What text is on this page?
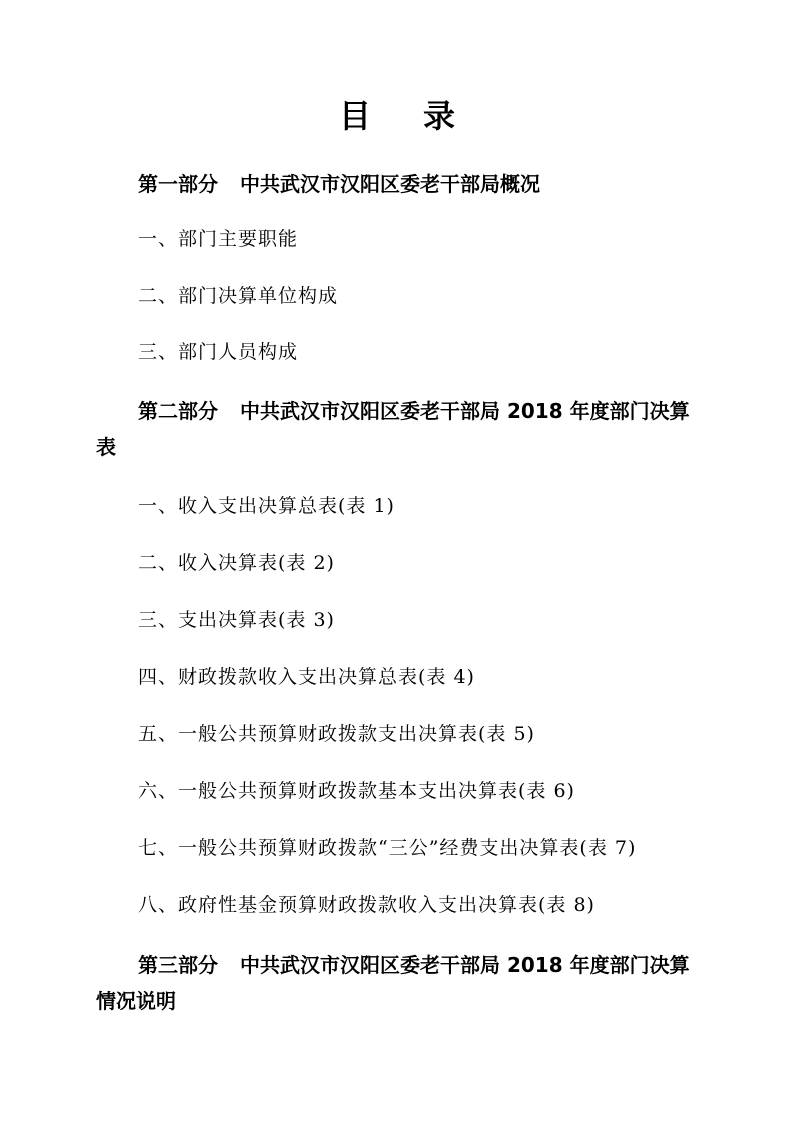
目录
第一部分 中共武汉市汉阳区委老干部局概况
一、部门主要职能
二、部门决算单位构成
三、部门人员构成
第二部分 中共武汉市汉阳区委老干部局 2018 年度部门决算表
一、收入支出决算总表(表 1)
二、收入决算表(表 2)
三、支出决算表(表 3)
四、财政拨款收入支出决算总表(表 4)
五、一般公共预算财政拨款支出决算表(表 5)
六、一般公共预算财政拨款基本支出决算表(表 6)
七、一般公共预算财政拨款“三公”经费支出决算表(表 7)
八、政府性基金预算财政拨款收入支出决算表(表 8)
第三部分 中共武汉市汉阳区委老干部局 2018 年度部门决算情况说明
